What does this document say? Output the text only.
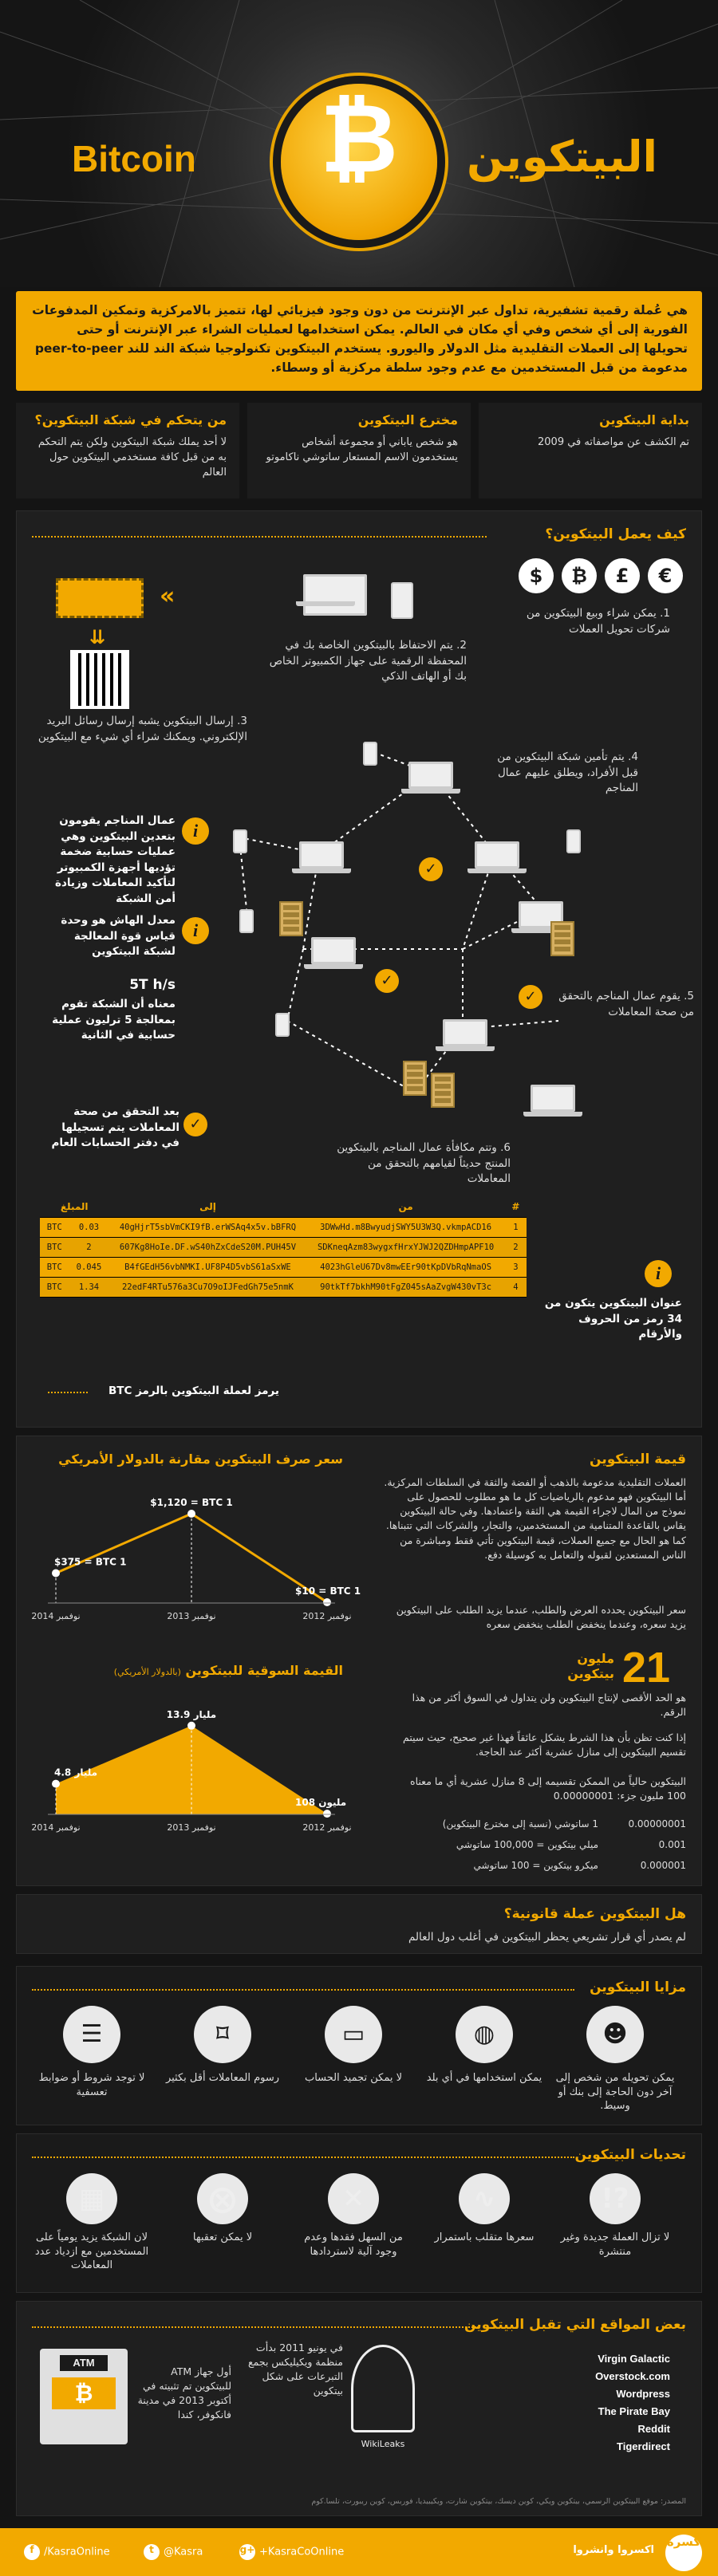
₿
Bitcoin	البيتكوين
هي عُملة رقمية تشفيرية، تداول عبر الإنترنت من دون وجود فيزيائي لها، تتميز بالامركزية وتمكين المدفوعات الفورية إلى أي شخص وفي أي مكان في العالم. يمكن استخدامها لعمليات الشراء عبر الإنترنت أو حتى تحويلها إلى العملات التقليدية مثل الدولار واليورو. يستخدم البيتكوين تكنولوجيا شبكة الند للند peer-to-peer مدعومة من قبل المستخدمين مع عدم وجود سلطة مركزية أو وسطاء.
بداية البيتكوين

تم الكشف عن مواصفاته في 2009

مخترع البيتكوين

هو شخص ياباني أو مجموعة أشخاص يستخدمون الاسم المستعار ساتوشي ناكاموتو

من يتحكم في شبكة البيتكوين؟

لا أحد يملك شبكة البيتكوين ولكن يتم التحكم به من قبل كافة مستخدمي البيتكوين حول العالم

كيف يعمل البيتكوين؟
1. يمكن شراء وبيع البيتكوين من شركات تحويل العملات
2. يتم الاحتفاظ بالبيتكوين الخاصة بك في المحفظة الرقمية على جهاز الكمبيوتر الخاص بك أو الهاتف الذكي
«
⇊
3. إرسال البيتكوين يشبه إرسال رسائل البريد الإلكتروني. ويمكنك شراء أي شيء مع البيتكوين
✓
✓
✓
4. يتم تأمين شبكة البيتكوين من قبل الأفراد، ويطلق عليهم عمال المناجم
5. يقوم عمال المناجم بالتحقق من صحة المعاملات
6. وتتم مكافأة عمال المناجم بالبيتكوين المنتج حديثاً لقيامهم بالتحقق من المعاملات
i
عمال المناجم يقومون بتعدين البيتكوين وهي عمليات حسابية ضخمة تؤديها أجهزة الكمبيوتر لتأكيد المعاملات وزيادة أمن الشبكة
i
معدل الهاش هو وحدة قياس قوة المعالجة لشبكة البيتكوين
5T h/s
معناه أن الشبكة تقوم بمعالجة 5 ترليون عملية حسابية في الثانية
✓
بعد التحقق من صحة المعاملات يتم تسجيلها في دفتر الحسابات العام
المبلغ		إلى	من	#
BTC	0.03	40gHjrT5sbVmCKI9fB.erWSAq4x5v.bBFRQ	3DWwHd.m8BwyudjSWY5U3W3Q.vkmpACD16	1
BTC	2	607Kg8HoIe.DF.wS40hZxCdeS20M.PUH45V	SDKneqAzm83wygxfHrxYJWJ2QZDHmpAPF10	2
BTC	0.045	B4fGEdH56vbNMKI.UF8P4D5vbS61aSxWE	4023hGleU67Dv8mwEEr90tKpDVbRqNmaOS	3
BTC	1.34	22edF4RTu576a3Cu7O9oIJFedGh75e5nmK	90tkTf7bkhM90tFgZ045sAaZvgW430vT3c	4
i
عنوان البيتكوين يتكون من 34 رمز من الحروف والأرقام
يرمز لعملة البيتكوين بالرمز BTC
قيمة البيتكوين
العملات التقليدية مدعومة بالذهب أو الفضة والثقة في السلطات المركزية. أما البيتكوين فهو مدعوم بالرياضيات كل ما هو مطلوب للحصول على نموذج من المال لاجراء القيمة هي الثقة واعتمادها. وفي حالة البيتكوين يقاس بالقاعدة المتنامية من المستخدمين، والتجار، والشركات التي تتبناها. كما هو الحال مع جميع العملات، قيمة البيتكوين تأتي فقط ومباشرة من الناس المستعدين لقبوله والتعامل به كوسيلة دفع.
سعر البيتكوين يحدده العرض والطلب، عندما يزيد الطلب على البيتكوين يزيد سعره، وعندما ينخفض الطلب ينخفض سعره
21
مليون بيتكوين
هو الحد الأقصى لإنتاج البيتكوين ولن يتداول في السوق أكثر من هذا الرقم.
إذا كنت تظن بأن هذا الشرط يشكل عائقاً فهذا غير صحيح، حيث سيتم تقسيم البيتكوين إلى منازل عشرية أكثر عند الحاجة.
البيتكوين حالياً من الممكن تقسيمه إلى 8 منازل عشرية أي ما معناه 100 مليون جزء: 0.00000001
سعر صرف البيتكوين مقارنة بالدولار الأمريكي
$375 = BTC 1
2014 نوفمبر
$1,120 = BTC 1
2013 نوفمبر
$10 = BTC 1
2012 نوفمبر
القيمة السوقية للبيتكوين (بالدولار الأمريكي)
4.8 مليار
2014 نوفمبر
13.9 مليار
2013 نوفمبر
108 مليون
2012 نوفمبر
هل البيتكوين عملة قانونية؟
لم يصدر أي قرار تشريعي يحظر البيتكوين في أغلب دول العالم
مزايا البيتكوين
تحديات البيتكوين
بعض المواقع التي تقبل البيتكوين
WikiLeaks
في يونيو 2011 بدأت منظمة ويكيليكس بجمع التبرعات على شكل بيتكوين
ATM
₿
أول جهاز ATM للبيتكوين تم تثبيته في أكتوبر 2013 في مدينة فانكوفر، كندا
المصدر: موقع البيتكوين الرسمي، بيتكوين ويكي، كوين ديسك، بيتكوين شارت، ويكيبيديا، فوربس، كوين ريبورت، تلسا.كوم
كسرة
اكسروا وانشروا
f /KasraOnline	t @Kasra	g+ +KasraCoOnline
$	₿	£	€
0.00000001
1 ساتوشي (نسبة إلى مخترع البيتكوين)
0.001
ميلي بيتكوين = 100,000 ساتوشي
0.000001
ميكرو بيتكوين = 100 ساتوشي
☻
يمكن تحويله من شخص إلى آخر دون الحاجة إلى بنك أو وسيط.
◍
يمكن استخدامها في أي بلد
▭
لا يمكن تجميد الحساب
⌑
رسوم المعاملات أقل بكثير
☰
لا توجد شروط أو ضوابط تعسفية
?!
لا تزال العملة جديدة وغير منتشرة
∿
سعرها متقلب باستمرار
✕
من السهل فقدها وعدم وجود آلية لاستردادها
⨂
لا يمكن تعقبها
▦
لان الشبكة يزيد يومياً على المستخدمين مع ازدياد عدد المعاملات
Virgin Galactic
Overstock.com
Wordpress
The Pirate Bay
Reddit
Tigerdirect
